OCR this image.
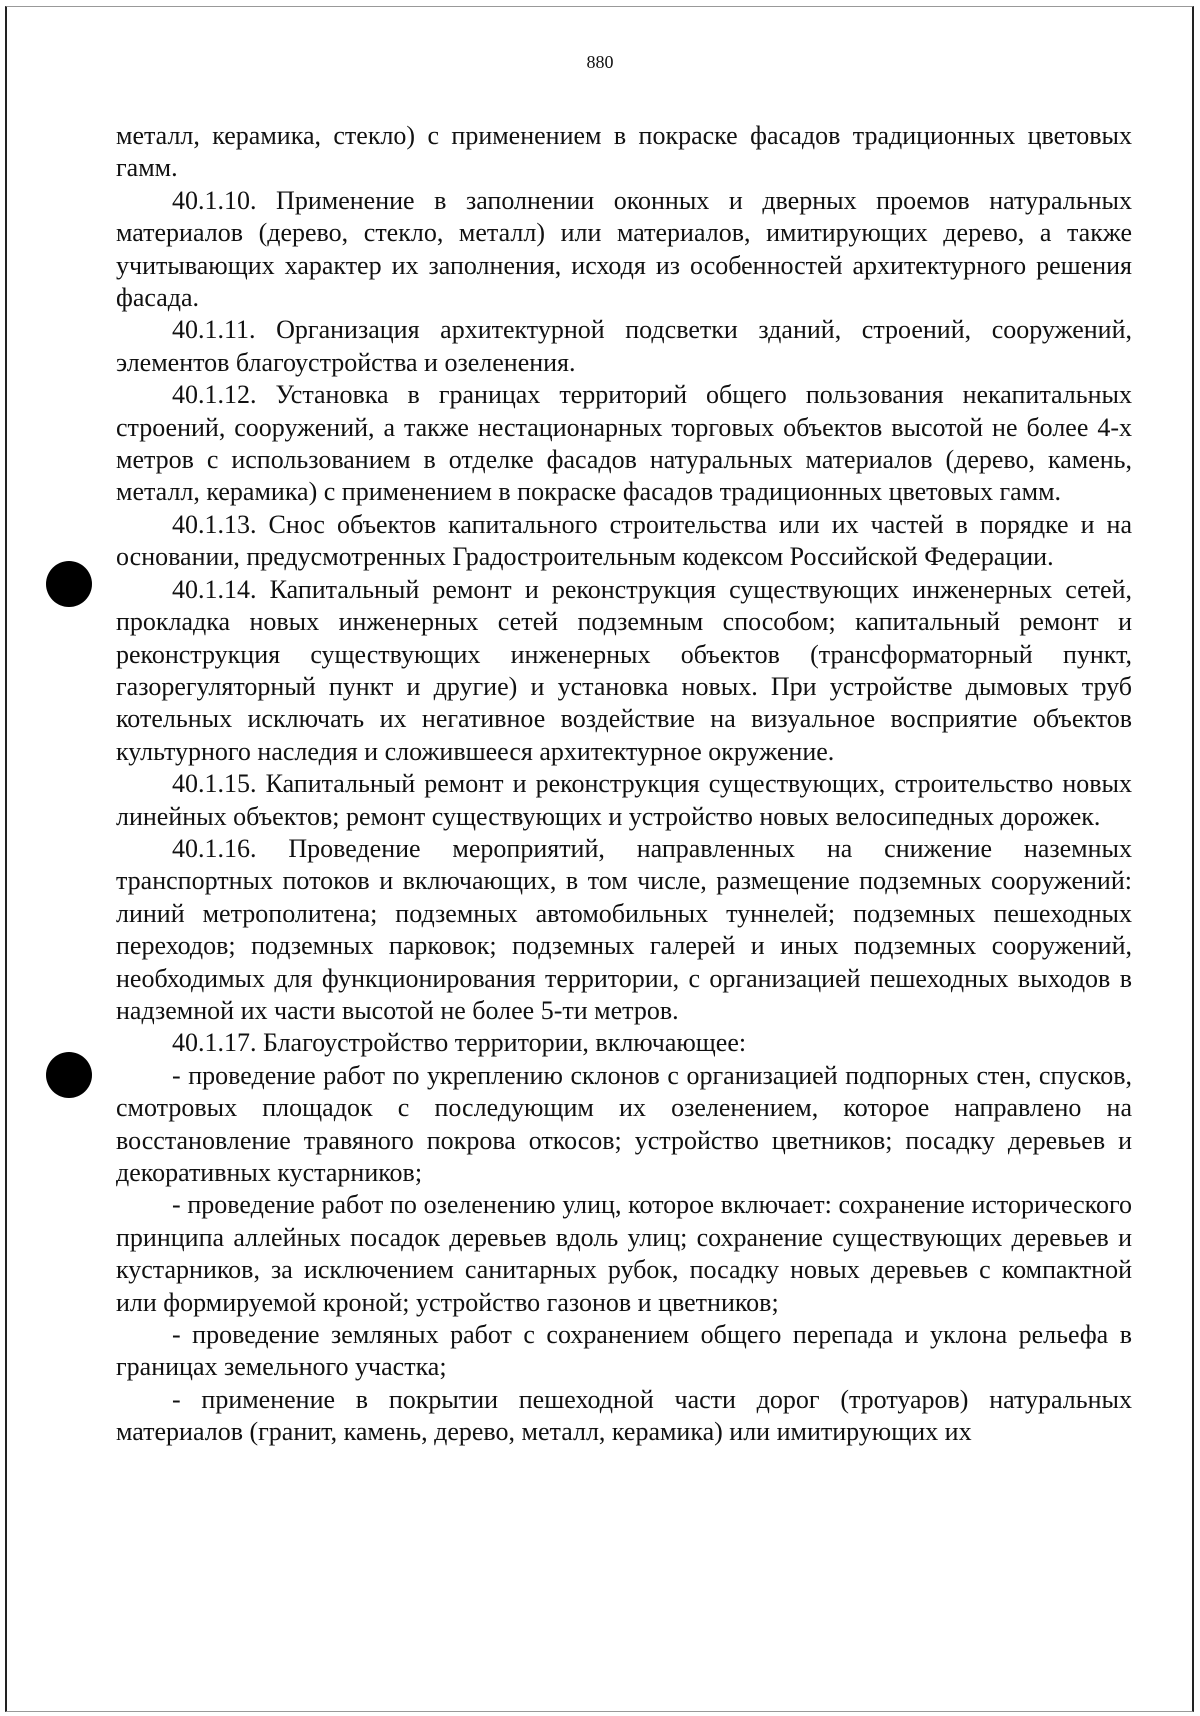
880

металл, керамика, стекло) с применением в покраске фасадов традиционных цветовых гамм.

40.1.10. Применение в заполнении оконных и дверных проемов натуральных материалов (дерево, стекло, металл) или материалов, имитирующих дерево, а также учитывающих характер их заполнения, исходя из особенностей архитектурного решения фасада.

40.1.11. Организация архитектурной подсветки зданий, строений, сооружений, элементов благоустройства и озеленения.

40.1.12. Установка в границах территорий общего пользования некапитальных строений, сооружений, а также нестационарных торговых объектов высотой не более 4-х метров с использованием в отделке фасадов натуральных материалов (дерево, камень, металл, керамика) с применением в покраске фасадов традиционных цветовых гамм.

40.1.13. Снос объектов капитального строительства или их частей в порядке и на основании, предусмотренных Градостроительным кодексом Российской Федерации.

40.1.14. Капитальный ремонт и реконструкция существующих инженерных сетей, прокладка новых инженерных сетей подземным способом; капитальный ремонт и реконструкция существующих инженерных объектов (трансформаторный пункт, газорегуляторный пункт и другие) и установка новых. При устройстве дымовых труб котельных исключать их негативное воздействие на визуальное восприятие объектов культурного наследия и сложившееся архитектурное окружение.

40.1.15. Капитальный ремонт и реконструкция существующих, строительство новых линейных объектов; ремонт существующих и устройство новых велосипедных дорожек.

40.1.16. Проведение мероприятий, направленных на снижение наземных транспортных потоков и включающих, в том числе, размещение подземных сооружений: линий метрополитена; подземных автомобильных туннелей; подземных пешеходных переходов; подземных парковок; подземных галерей и иных подземных сооружений, необходимых для функционирования территории, с организацией пешеходных выходов в надземной их части высотой не более 5-ти метров.

40.1.17. Благоустройство территории, включающее:

- проведение работ по укреплению склонов с организацией подпорных стен, спусков, смотровых площадок с последующим их озеленением, которое направлено на восстановление травяного покрова откосов; устройство цветников; посадку деревьев и декоративных кустарников;

- проведение работ по озеленению улиц, которое включает: сохранение исторического принципа аллейных посадок деревьев вдоль улиц; сохранение существующих деревьев и кустарников, за исключением санитарных рубок, посадку новых деревьев с компактной или формируемой кроной; устройство газонов и цветников;

- проведение земляных работ с сохранением общего перепада и уклона рельефа в границах земельного участка;

- применение в покрытии пешеходной части дорог (тротуаров) натуральных материалов (гранит, камень, дерево, металл, керамика) или имитирующих их
